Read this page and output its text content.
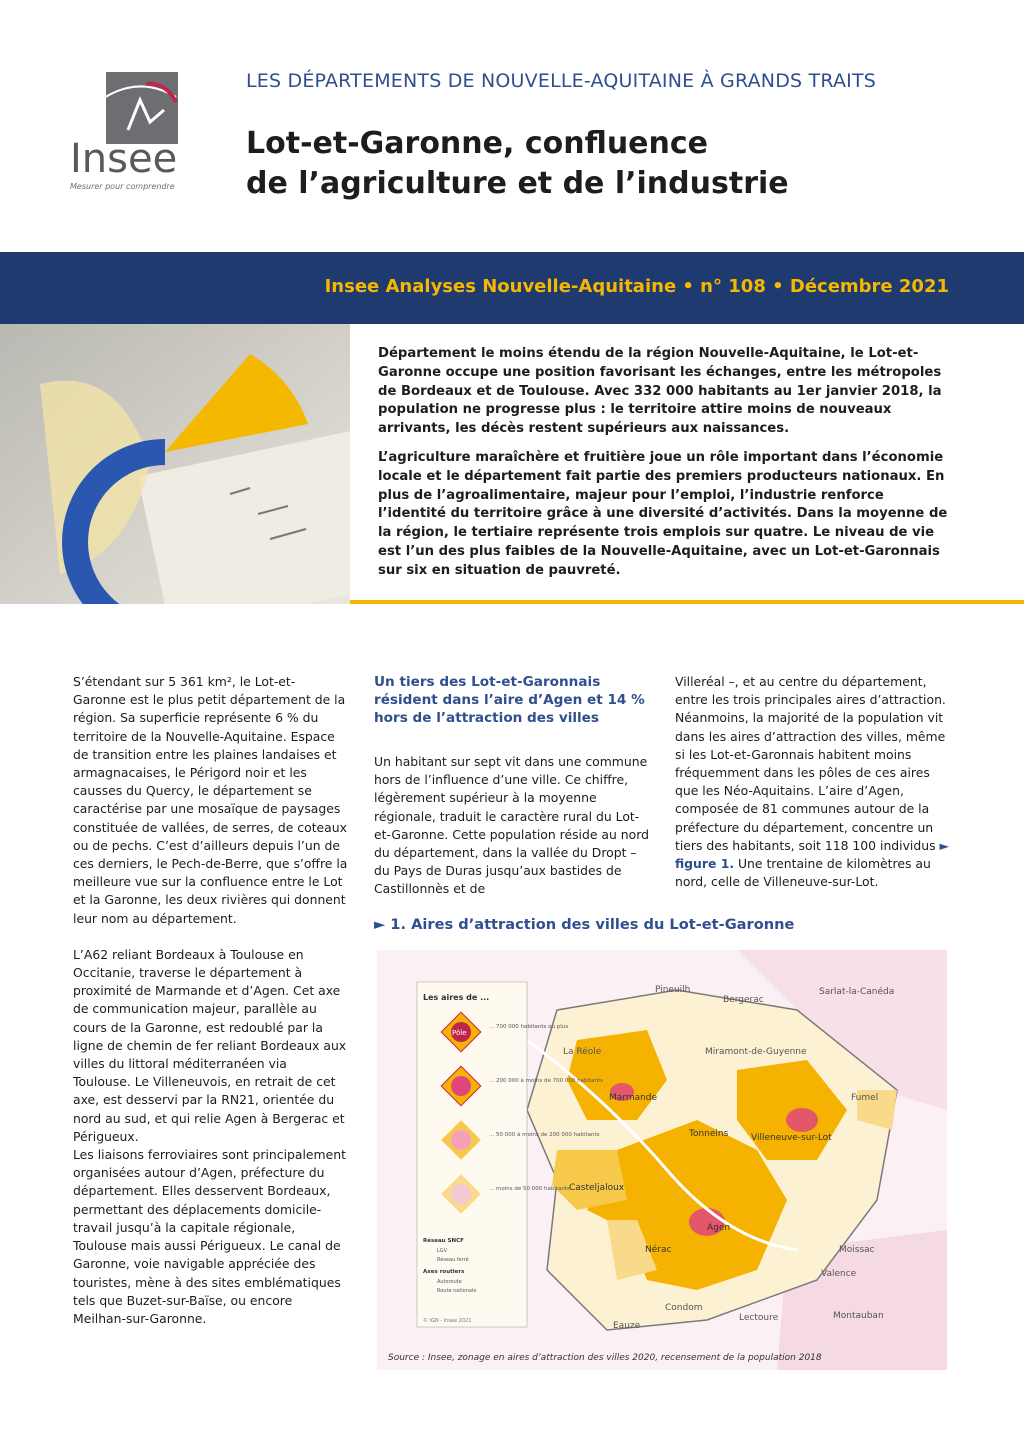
Insee
Mesurer pour comprendre
LES DÉPARTEMENTS DE NOUVELLE-AQUITAINE À GRANDS TRAITS
Lot-et-Garonne, confluence
de l’agriculture et de l’industrie
Insee Analyses Nouvelle-Aquitaine • n° 108 • Décembre 2021

Département le moins étendu de la région Nouvelle-Aquitaine, le Lot-et-Garonne occupe une position favorisant les échanges, entre les métropoles de Bordeaux et de Toulouse. Avec 332 000 habitants au 1er janvier 2018, la population ne progresse plus : le territoire attire moins de nouveaux arrivants, les décès restent supérieurs aux naissances.

L’agriculture maraîchère et fruitière joue un rôle important dans l’économie locale et le département fait partie des premiers producteurs nationaux. En plus de l’agroalimentaire, majeur pour l’emploi, l’industrie renforce l’identité du territoire grâce à une diversité d’activités. Dans la moyenne de la région, le tertiaire représente trois emplois sur quatre. Le niveau de vie est l’un des plus faibles de la Nouvelle-Aquitaine, avec un Lot-et-Garonnais sur six en situation de pauvreté.

S’étendant sur 5 361 km², le Lot-et-Garonne est le plus petit département de la région. Sa superficie représente 6 % du territoire de la Nouvelle-Aquitaine. Espace de transition entre les plaines landaises et armagnacaises, le Périgord noir et les causses du Quercy, le département se caractérise par une mosaïque de paysages constituée de vallées, de serres, de coteaux ou de pechs. C’est d’ailleurs depuis l’un de ces derniers, le Pech-de-Berre, que s’offre la meilleure vue sur la confluence entre le Lot et la Garonne, les deux rivières qui donnent leur nom au département.

L’A62 reliant Bordeaux à Toulouse en Occitanie, traverse le département à proximité de Marmande et d’Agen. Cet axe de communication majeur, parallèle au cours de la Garonne, est redoublé par la ligne de chemin de fer reliant Bordeaux aux villes du littoral méditerranéen via Toulouse. Le Villeneuvois, en retrait de cet axe, est desservi par la RN21, orientée du nord au sud, et qui relie Agen à Bergerac et Périgueux.

Les liaisons ferroviaires sont principalement organisées autour d’Agen, préfecture du département. Elles desservent Bordeaux, permettant des déplacements domicile-travail jusqu’à la capitale régionale, Toulouse mais aussi Périgueux. Le canal de Garonne, voie navigable appréciée des touristes, mène à des sites emblématiques tels que Buzet-sur-Baïse, ou encore Meilhan-sur-Garonne.

Un tiers des Lot-et-Garonnais résident dans l’aire d’Agen et 14 % hors de l’attraction des villes

Un habitant sur sept vit dans une commune hors de l’influence d’une ville. Ce chiffre, légèrement supérieur à la moyenne régionale, traduit le caractère rural du Lot-et-Garonne. Cette population réside au nord du département, dans la vallée du Dropt – du Pays de Duras jusqu’aux bastides de Castillonnès et de

Villeréal –, et au centre du département, entre les trois principales aires d’attraction. Néanmoins, la majorité de la population vit dans les aires d’attraction des villes, même si les Lot-et-Garonnais habitent moins fréquemment dans les pôles de ces aires que les Néo-Aquitains. L’aire d’Agen, composée de 81 communes autour de la préfecture du département, concentre un tiers des habitants, soit 118 100 individus ► figure 1. Une trentaine de kilomètres au nord, celle de Villeneuve-sur-Lot.

► 1. Aires d’attraction des villes du Lot-et-Garonne
Les aires de ...
Pôle
... 700 000 habitants ou plus
... 200 000 à moins de 700 000 habitants
... 50 000 à moins de 200 000 habitants
... moins de 50 000 habitants
Réseau SNCF
LGV
Réseau ferré
Axes routiers
Autoroute
Route nationale
© IGN - Insee 2021
Pineuilh
Bergerac
Sarlat-la-Canéda
La Réole	Miramont-de-Guyenne
Marmande
Tonneins	Villeneuve-sur-Lot
Fumel
Casteljaloux
Agen
Nérac	Moissac
Valence
Condom
Lectoure	Montauban
Eauze
Source : Insee, zonage en aires d’attraction des villes 2020, recensement de la population 2018
